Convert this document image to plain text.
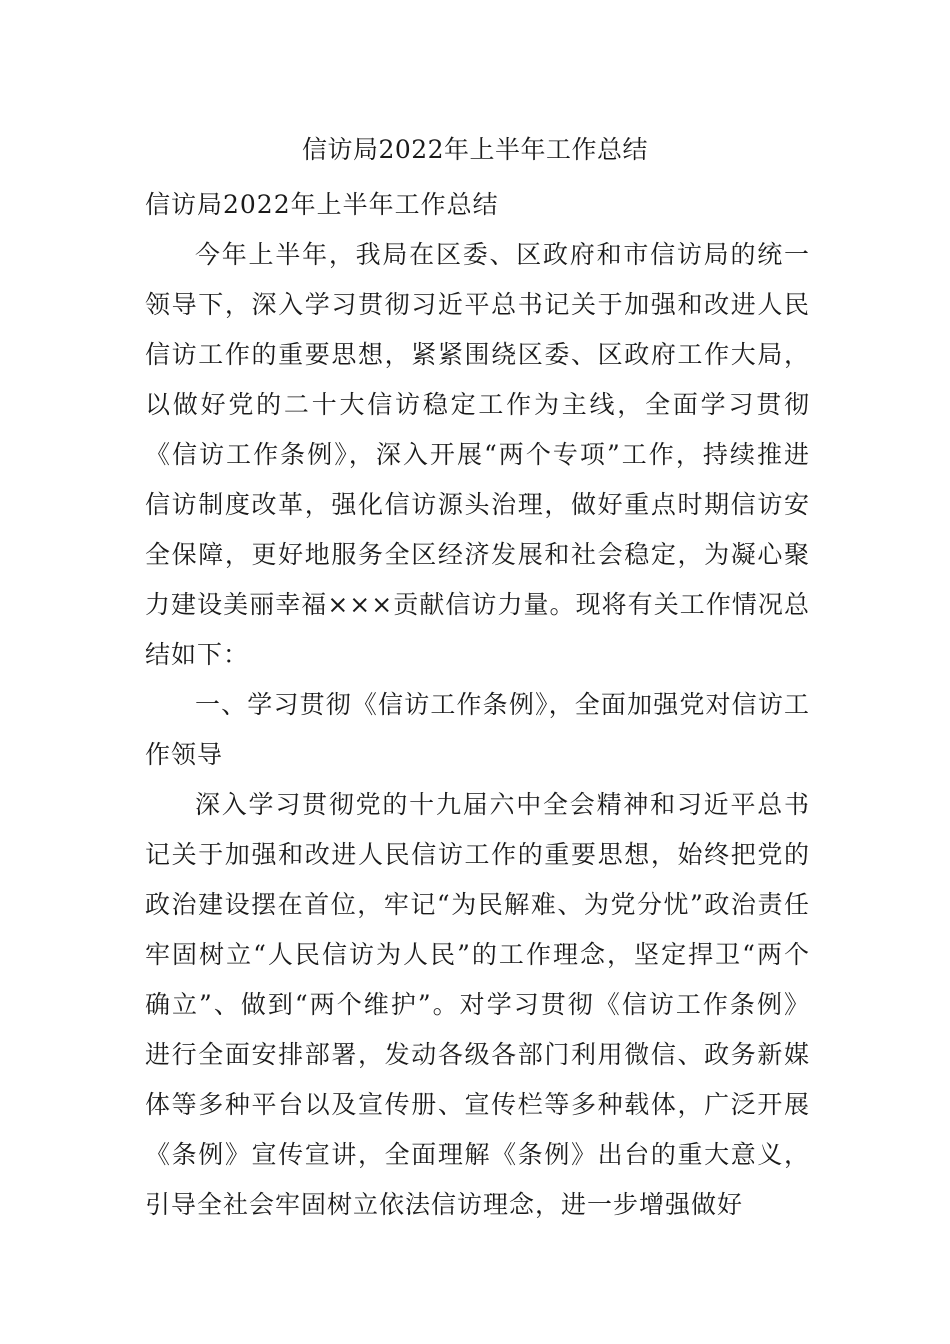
信访局2022年上半年工作总结

信访局2022年上半年工作总结

今年上半年，我局在区委、区政府和市信访局的统一领导下，深入学习贯彻习近平总书记关于加强和改进人民信访工作的重要思想，紧紧围绕区委、区政府工作大局，以做好党的二十大信访稳定工作为主线，全面学习贯彻《信访工作条例》，深入开展“两个专项”工作，持续推进信访制度改革，强化信访源头治理，做好重点时期信访安全保障，更好地服务全区经济发展和社会稳定，为凝心聚力建设美丽幸福×××贡献信访力量。现将有关工作情况总结如下：

一、学习贯彻《信访工作条例》，全面加强党对信访工作领导

深入学习贯彻党的十九届六中全会精神和习近平总书记关于加强和改进人民信访工作的重要思想，始终把党的政治建设摆在首位，牢记“为民解难、为党分忧”政治责任牢固树立“人民信访为人民”的工作理念，坚定捍卫“两个确立”、做到“两个维护”。对学习贯彻《信访工作条例》进行全面安排部署，发动各级各部门利用微信、政务新媒体等多种平台以及宣传册、宣传栏等多种载体，广泛开展《条例》宣传宣讲，全面理解《条例》出台的重大意义，引导全社会牢固树立依法信访理念，进一步增强做好
